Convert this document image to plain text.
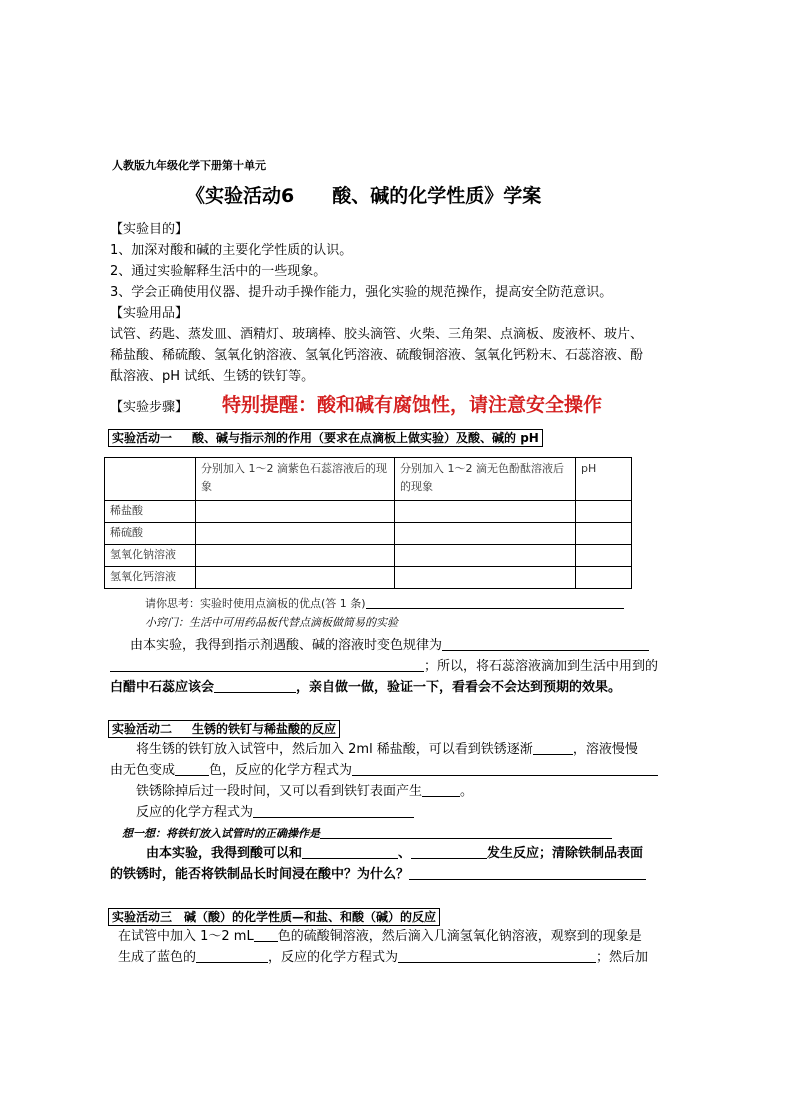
人教版九年级化学下册第十单元
《实验活动6　　酸、碱的化学性质》学案
【实验目的】
1、加深对酸和碱的主要化学性质的认识。
2、通过实验解释生活中的一些现象。
3、学会正确使用仪器、提升动手操作能力，强化实验的规范操作，提高安全防范意识。
【实验用品】
试管、药匙、蒸发皿、酒精灯、玻璃棒、胶头滴管、火柴、三角架、点滴板、废液杯、玻片、
稀盐酸、稀硫酸、氢氧化钠溶液、氢氧化钙溶液、硫酸铜溶液、氢氧化钙粉末、石蕊溶液、酚
酞溶液、pH 试纸、生锈的铁钉等。
【实验步骤】 特别提醒：酸和碱有腐蚀性，请注意安全操作
实验活动一 酸、碱与指示剂的作用（要求在点滴板上做实验）及酸、碱的 pH
	分别加入 1～2 滴紫色石蕊溶液后的现象	分别加入 1～2 滴无色酚酞溶液后的现象	pH
稀盐酸			
稀硫酸			
氢氧化钠溶液			
氢氧化钙溶液			
请你思考：实验时使用点滴板的优点(答 1 条)
小窍门：生活中可用药品板代替点滴板做简易的实验
由本实验，我得到指示剂遇酸、碱的溶液时变色规律为
；所以，将石蕊溶液滴加到生活中用到的
白醋中石蕊应该会	，亲自做一做，验证一下，看看会不会达到预期的效果。
实验活动二 生锈的铁钉与稀盐酸的反应
将生锈的铁钉放入试管中，然后加入 2ml 稀盐酸，可以看到铁锈逐渐	，溶液慢慢
由无色变成	色，反应的化学方程式为
铁锈除掉后过一段时间，又可以看到铁钉表面产生	。
反应的化学方程式为
想一想：将铁钉放入试管时的正确操作是
由本实验，我得到酸可以和	、	发生反应；清除铁制品表面
的铁锈时，能否将铁制品长时间浸在酸中？为什么？
实验活动三 碱（酸）的化学性质—和盐、和酸（碱）的反应
在试管中加入 1～2 mL 色的硫酸铜溶液，然后滴入几滴氢氧化钠溶液，观察到的现象是
生成了蓝色的	，反应的化学方程式为	；然后加
